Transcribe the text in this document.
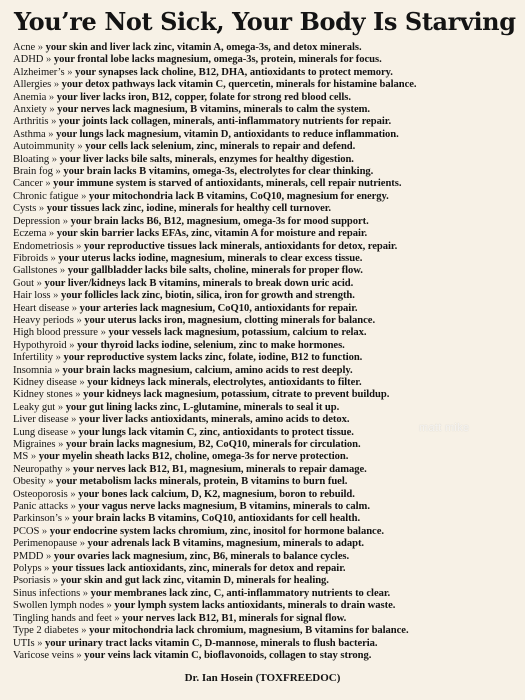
You’re Not Sick, Your Body Is Starving
Acne » your skin and liver lack zinc, vitamin A, omega-3s, and detox minerals.
ADHD » your frontal lobe lacks magnesium, omega-3s, protein, minerals for focus.
Alzheimer’s » your synapses lack choline, B12, DHA, antioxidants to protect memory.
Allergies » your detox pathways lack vitamin C, quercetin, minerals for histamine balance.
Anemia » your liver lacks iron, B12, copper, folate for strong red blood cells.
Anxiety » your nerves lack magnesium, B vitamins, minerals to calm the system.
Arthritis » your joints lack collagen, minerals, anti-inflammatory nutrients for repair.
Asthma » your lungs lack magnesium, vitamin D, antioxidants to reduce inflammation.
Autoimmunity » your cells lack selenium, zinc, minerals to repair and defend.
Bloating » your liver lacks bile salts, minerals, enzymes for healthy digestion.
Brain fog » your brain lacks B vitamins, omega-3s, electrolytes for clear thinking.
Cancer » your immune system is starved of antioxidants, minerals, cell repair nutrients.
Chronic fatigue » your mitochondria lack B vitamins, CoQ10, magnesium for energy.
Cysts » your tissues lack zinc, iodine, minerals for healthy cell turnover.
Depression » your brain lacks B6, B12, magnesium, omega-3s for mood support.
Eczema » your skin barrier lacks EFAs, zinc, vitamin A for moisture and repair.
Endometriosis » your reproductive tissues lack minerals, antioxidants for detox, repair.
Fibroids » your uterus lacks iodine, magnesium, minerals to clear excess tissue.
Gallstones » your gallbladder lacks bile salts, choline, minerals for proper flow.
Gout » your liver/kidneys lack B vitamins, minerals to break down uric acid.
Hair loss » your follicles lack zinc, biotin, silica, iron for growth and strength.
Heart disease » your arteries lack magnesium, CoQ10, antioxidants for repair.
Heavy periods » your uterus lacks iron, magnesium, clotting minerals for balance.
High blood pressure » your vessels lack magnesium, potassium, calcium to relax.
Hypothyroid » your thyroid lacks iodine, selenium, zinc to make hormones.
Infertility » your reproductive system lacks zinc, folate, iodine, B12 to function.
Insomnia » your brain lacks magnesium, calcium, amino acids to rest deeply.
Kidney disease » your kidneys lack minerals, electrolytes, antioxidants to filter.
Kidney stones » your kidneys lack magnesium, potassium, citrate to prevent buildup.
Leaky gut » your gut lining lacks zinc, L-glutamine, minerals to seal it up.
Liver disease » your liver lacks antioxidants, minerals, amino acids to detox.
Lung disease » your lungs lack vitamin C, zinc, antioxidants to protect tissue.
Migraines » your brain lacks magnesium, B2, CoQ10, minerals for circulation.
MS » your myelin sheath lacks B12, choline, omega-3s for nerve protection.
Neuropathy » your nerves lack B12, B1, magnesium, minerals to repair damage.
Obesity » your metabolism lacks minerals, protein, B vitamins to burn fuel.
Osteoporosis » your bones lack calcium, D, K2, magnesium, boron to rebuild.
Panic attacks » your vagus nerve lacks magnesium, B vitamins, minerals to calm.
Parkinson’s » your brain lacks B vitamins, CoQ10, antioxidants for cell health.
PCOS » your endocrine system lacks chromium, zinc, inositol for hormone balance.
Perimenopause » your adrenals lack B vitamins, magnesium, minerals to adapt.
PMDD » your ovaries lack magnesium, zinc, B6, minerals to balance cycles.
Polyps » your tissues lack antioxidants, zinc, minerals for detox and repair.
Psoriasis » your skin and gut lack zinc, vitamin D, minerals for healing.
Sinus infections » your membranes lack zinc, C, anti-inflammatory nutrients to clear.
Swollen lymph nodes » your lymph system lacks antioxidants, minerals to drain waste.
Tingling hands and feet » your nerves lack B12, B1, minerals for signal flow.
Type 2 diabetes » your mitochondria lack chromium, magnesium, B vitamins for balance.
UTIs » your urinary tract lacks vitamin C, D-mannose, minerals to flush bacteria.
Varicose veins » your veins lack vitamin C, bioflavonoids, collagen to stay strong.
matt mike
Dr. Ian Hosein (TOXFREEDOC)
